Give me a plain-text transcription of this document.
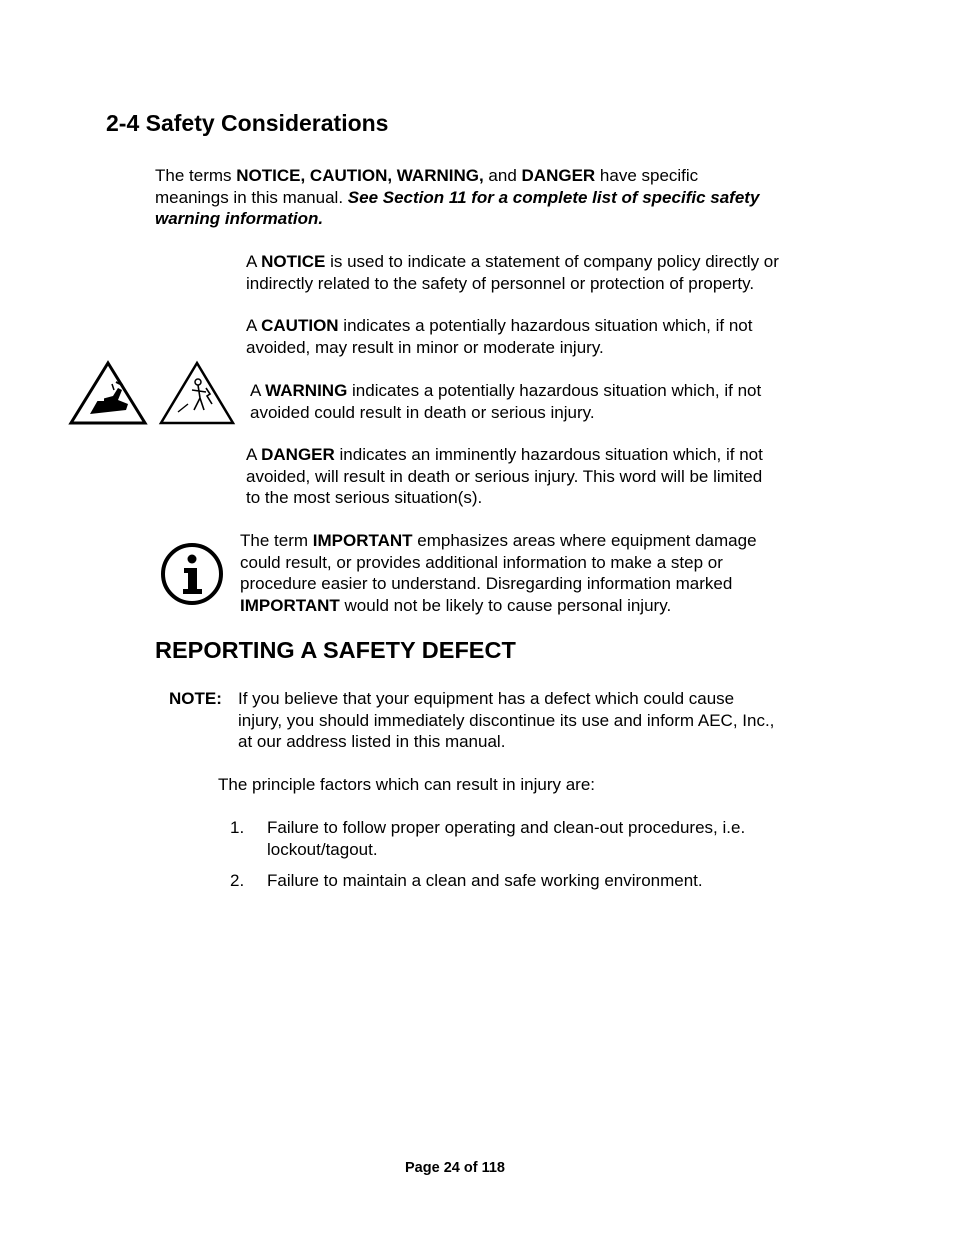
2-4 Safety Considerations
The terms NOTICE, CAUTION, WARNING, and DANGER have specific
meanings in this manual. See Section 11 for a complete list of specific safety
warning information.
A NOTICE is used to indicate a statement of company policy directly or
indirectly related to the safety of personnel or protection of property.
A CAUTION indicates a potentially hazardous situation which, if not
avoided, may result in minor or moderate injury.
A WARNING indicates a potentially hazardous situation which, if not
avoided could result in death or serious injury.
A DANGER indicates an imminently hazardous situation which, if not
avoided, will result in death or serious injury. This word will be limited
to the most serious situation(s).
The term IMPORTANT emphasizes areas where equipment damage
could result, or provides additional information to make a step or
procedure easier to understand. Disregarding information marked
IMPORTANT would not be likely to cause personal injury.
REPORTING A SAFETY DEFECT
NOTE: If you believe that your equipment has a defect which could cause
injury, you should immediately discontinue its use and inform AEC, Inc.,
at our address listed in this manual.
The principle factors which can result in injury are:
1. Failure to follow proper operating and clean-out procedures, i.e.
lockout/tagout.
2. Failure to maintain a clean and safe working environment.
Page 24 of 118
